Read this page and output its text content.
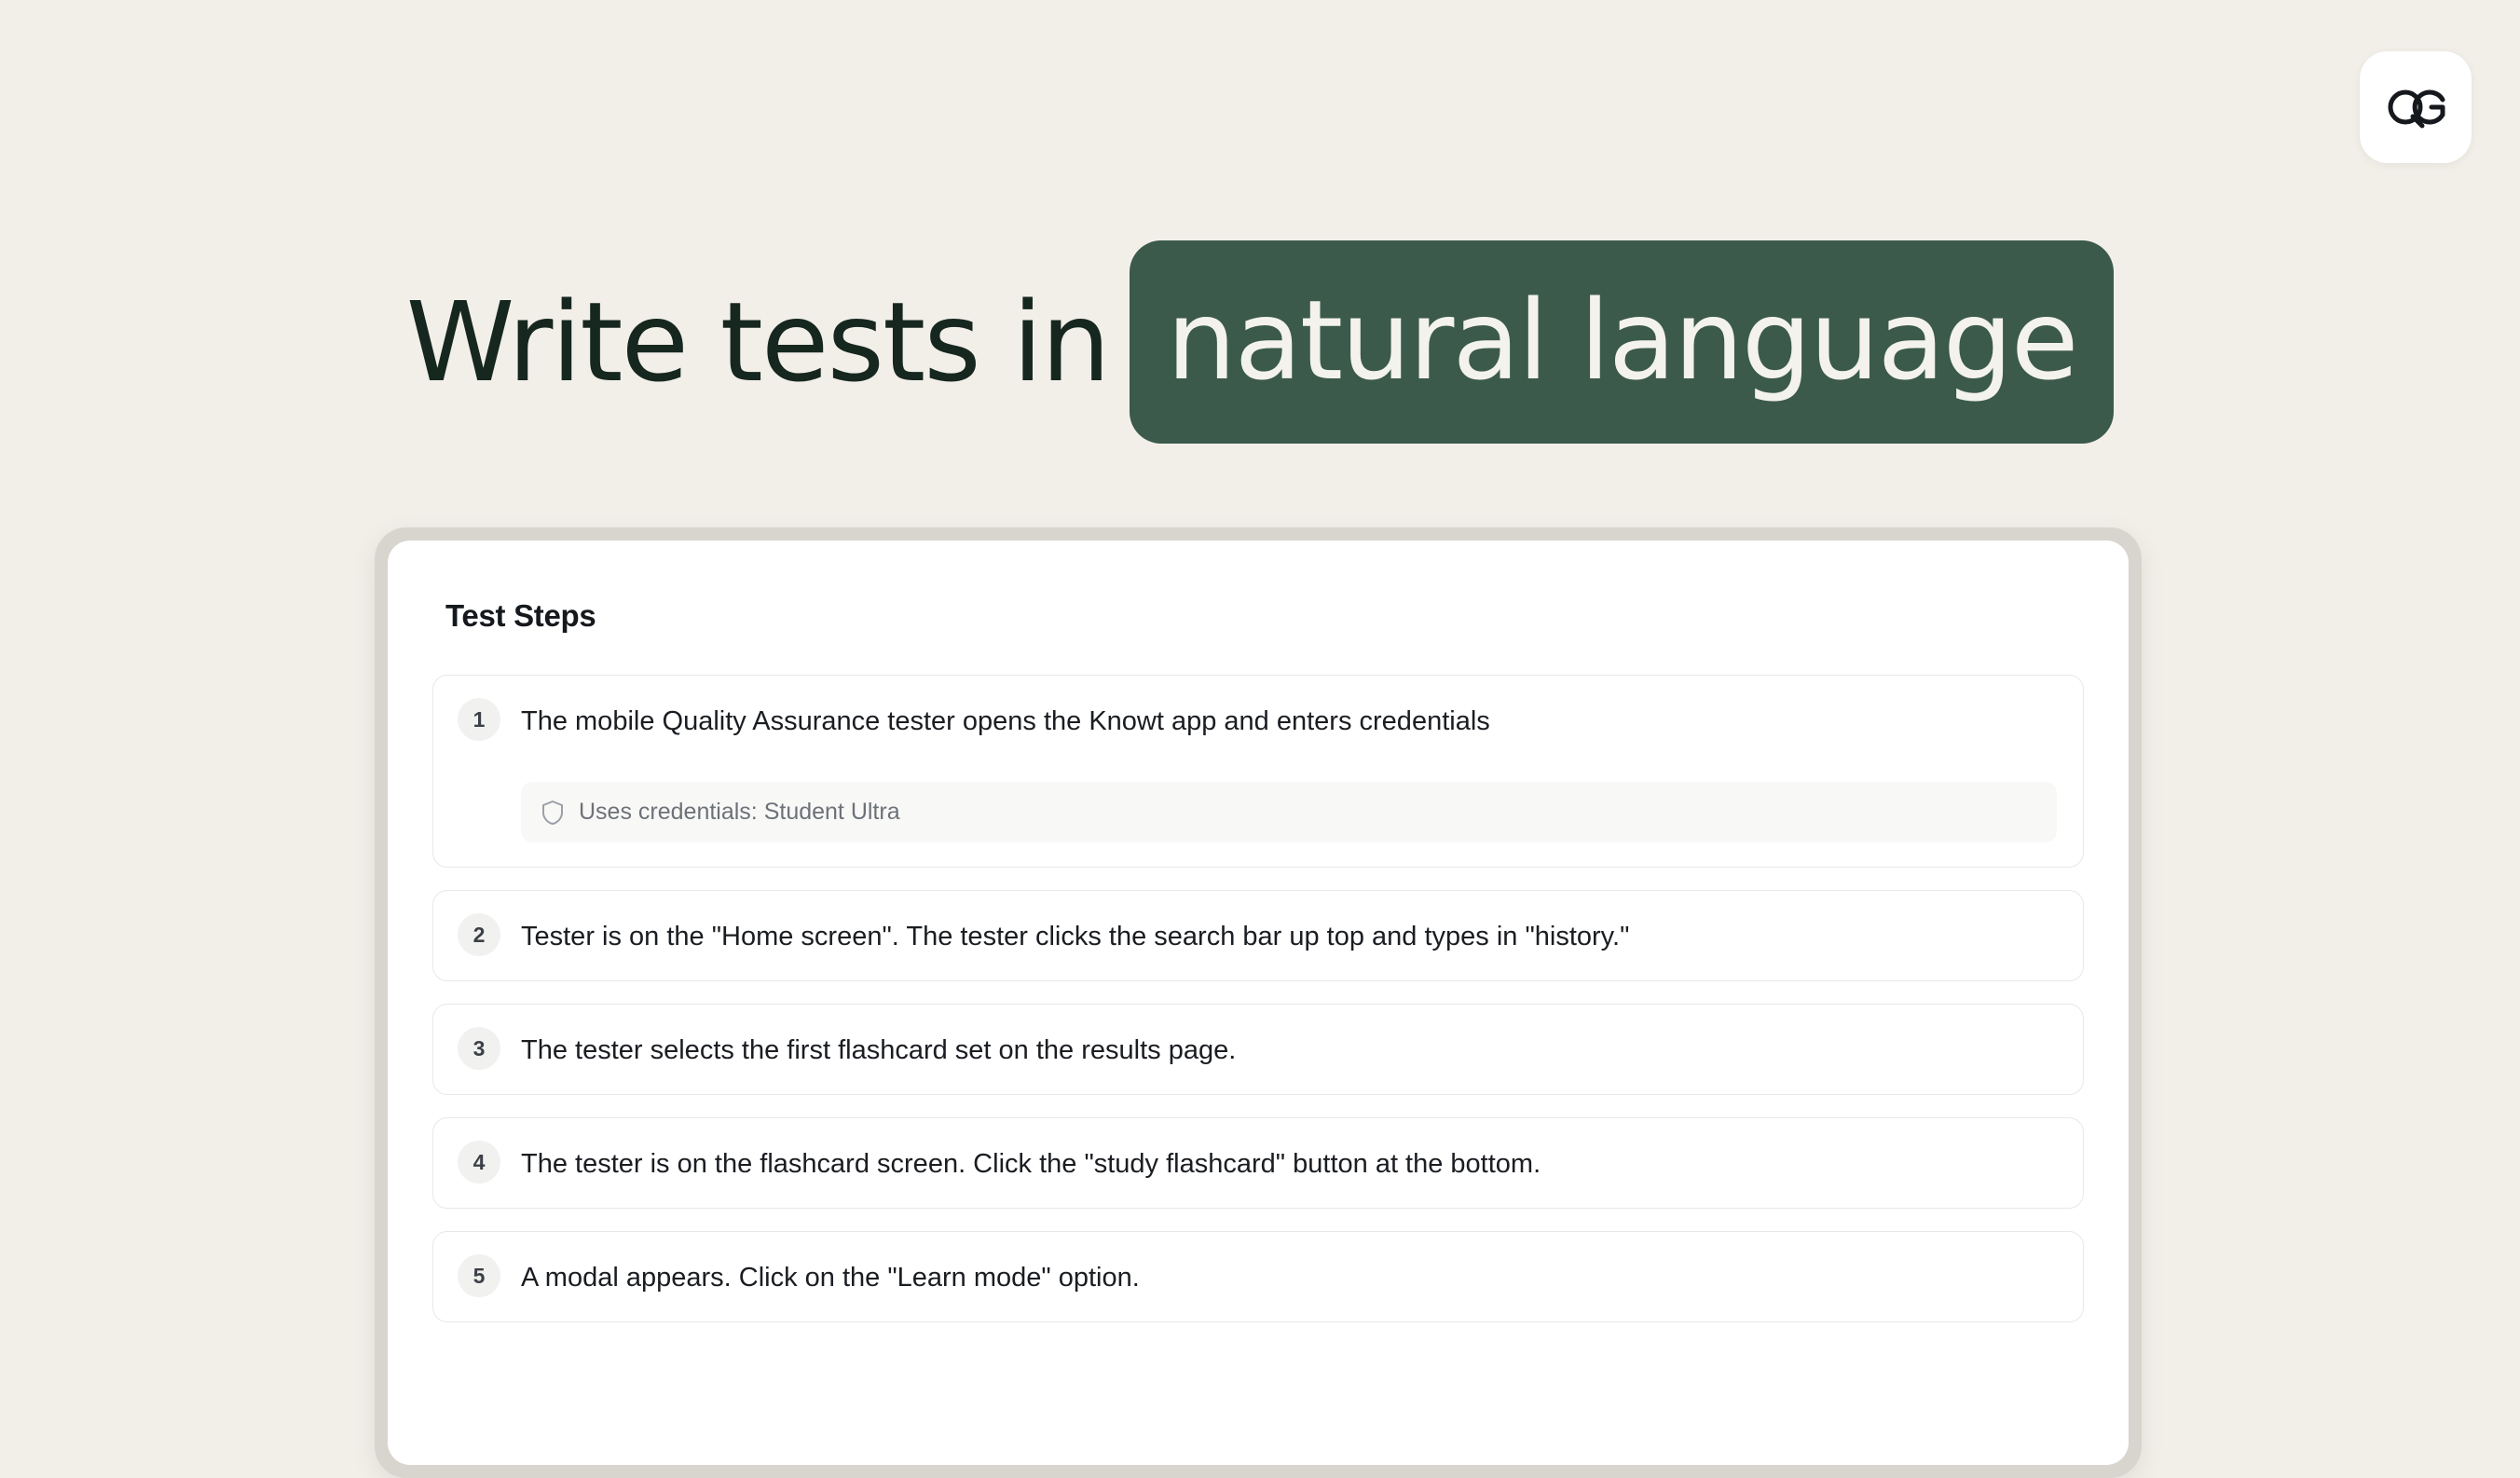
Write tests in natural language
Test Steps
1	The mobile Quality Assurance tester opens the Knowt app and enters credentials
Uses credentials: Student Ultra
2	Tester is on the "Home screen". The tester clicks the search bar up top and types in "history."
3	The tester selects the first flashcard set on the results page.
4	The tester is on the flashcard screen. Click the "study flashcard" button at the bottom.
5	A modal appears. Click on the "Learn mode" option.
